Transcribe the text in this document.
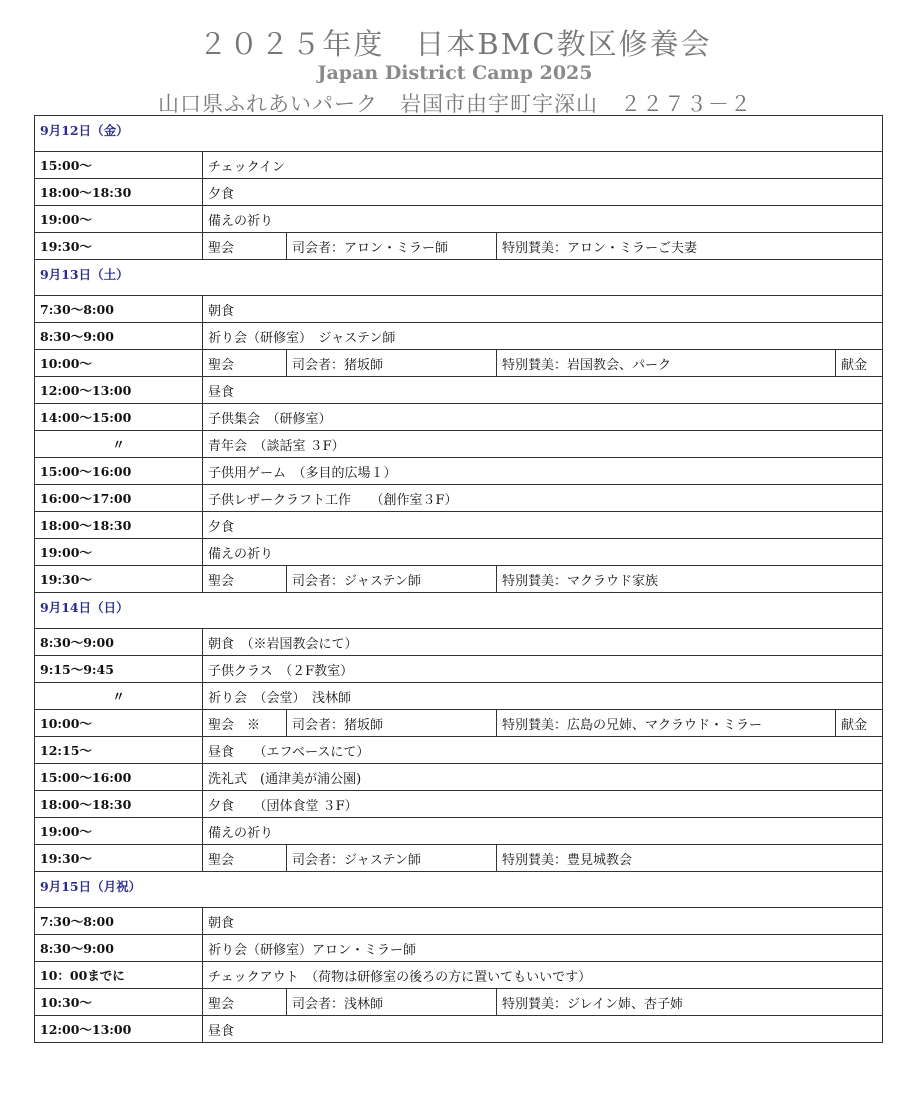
２０２５年度　日本BMC教区修養会
Japan District Camp 2025
山口県ふれあいパーク　岩国市由宇町宇深山　２２７３－２
9月12日（金）				
15:00～	チェックイン			
18:00～18:30	夕食			
19:00～	備えの祈り			
19:30～	聖会	司会者：アロン・ミラー師	特別賛美：アロン・ミラーご夫妻	
9月13日（土）				
7:30～8:00	朝食			
8:30～9:00	祈り会（研修室）　ジャステン師			
10:00～	聖会	司会者：猪坂師	特別賛美：岩国教会、パーク	献金
12:00～13:00	昼食			
14:00～15:00	子供集会　（研修室）			
〃	青年会　（談話室 ３F）			
15:00～16:00	子供用ゲーム　（多目的広場１）			
16:00～17:00	子供レザークラフト工作　　（創作室３F）			
18:00～18:30	夕食			
19:00～	備えの祈り			
19:30～	聖会	司会者：ジャステン師	特別賛美：マクラウド家族	
9月14日（日）				
8:30～9:00	朝食　（※岩国教会にて）			
9:15～9:45	子供クラス　（２F教室）			
〃	祈り会　（会堂）　浅林師			
10:00～	聖会　※	司会者：猪坂師	特別賛美：広島の兄姉、マクラウド・ミラー	献金
12:15～	昼食　　（エフベースにて）			
15:00～16:00	洗礼式　(通津美が浦公園)			
18:00～18:30	夕食　　（団体食堂 ３F）			
19:00～	備えの祈り			
19:30～	聖会	司会者：ジャステン師	特別賛美：豊見城教会	
9月15日（月祝）				
7:30～8:00	朝食			
8:30～9:00	祈り会（研修室）アロン・ミラー師			
10：00までに	チェックアウト　（荷物は研修室の後ろの方に置いてもいいです）			
10:30～	聖会	司会者：浅林師	特別賛美：ジレイン姉、杏子姉	
12:00～13:00	昼食			
